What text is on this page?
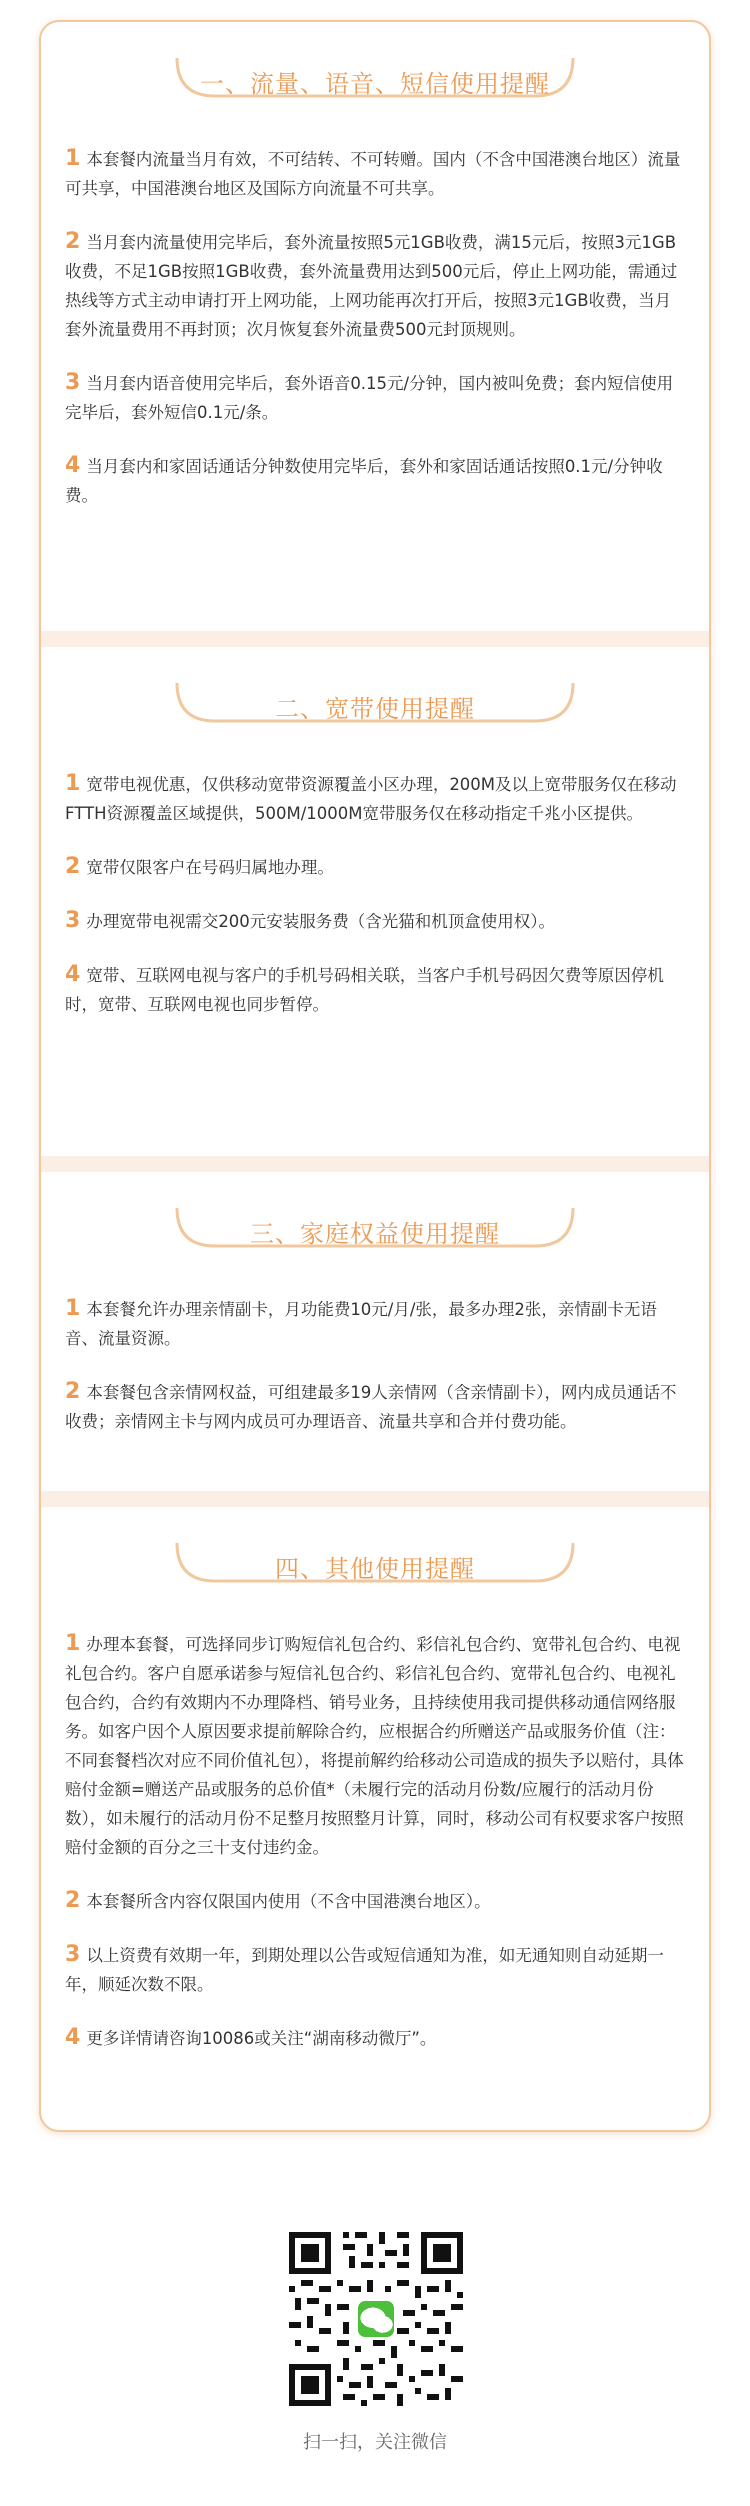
一、流量、语音、短信使用提醒
1 本套餐内流量当月有效，不可结转、不可转赠。国内（不含中国港澳台地区）流量可共享，中国港澳台地区及国际方向流量不可共享。
2 当月套内流量使用完毕后，套外流量按照5元1GB收费，满15元后，按照3元1GB收费，不足1GB按照1GB收费，套外流量费用达到500元后，停止上网功能，需通过热线等方式主动申请打开上网功能，上网功能再次打开后，按照3元1GB收费，当月套外流量费用不再封顶；次月恢复套外流量费500元封顶规则。
3 当月套内语音使用完毕后，套外语音0.15元/分钟，国内被叫免费；套内短信使用完毕后，套外短信0.1元/条。
4 当月套内和家固话通话分钟数使用完毕后，套外和家固话通话按照0.1元/分钟收费。
二、宽带使用提醒
1 宽带电视优惠，仅供移动宽带资源覆盖小区办理，200M及以上宽带服务仅在移动FTTH资源覆盖区域提供，500M/1000M宽带服务仅在移动指定千兆小区提供。
2 宽带仅限客户在号码归属地办理。
3 办理宽带电视需交200元安装服务费（含光猫和机顶盒使用权）。
4 宽带、互联网电视与客户的手机号码相关联，当客户手机号码因欠费等原因停机时，宽带、互联网电视也同步暂停。
三、家庭权益使用提醒
1 本套餐允许办理亲情副卡，月功能费10元/月/张，最多办理2张，亲情副卡无语音、流量资源。
2 本套餐包含亲情网权益，可组建最多19人亲情网（含亲情副卡），网内成员通话不收费；亲情网主卡与网内成员可办理语音、流量共享和合并付费功能。
四、其他使用提醒
1 办理本套餐，可选择同步订购短信礼包合约、彩信礼包合约、宽带礼包合约、电视礼包合约。客户自愿承诺参与短信礼包合约、彩信礼包合约、宽带礼包合约、电视礼包合约，合约有效期内不办理降档、销号业务，且持续使用我司提供移动通信网络服务。如客户因个人原因要求提前解除合约，应根据合约所赠送产品或服务价值（注：不同套餐档次对应不同价值礼包），将提前解约给移动公司造成的损失予以赔付，具体赔付金额=赠送产品或服务的总价值*（未履行完的活动月份数/应履行的活动月份数），如未履行的活动月份不足整月按照整月计算，同时，移动公司有权要求客户按照赔付金额的百分之三十支付违约金。
2 本套餐所含内容仅限国内使用（不含中国港澳台地区）。
3 以上资费有效期一年，到期处理以公告或短信通知为准，如无通知则自动延期一年，顺延次数不限。
4 更多详情请咨询10086或关注“湖南移动微厅”。
扫一扫，关注微信
